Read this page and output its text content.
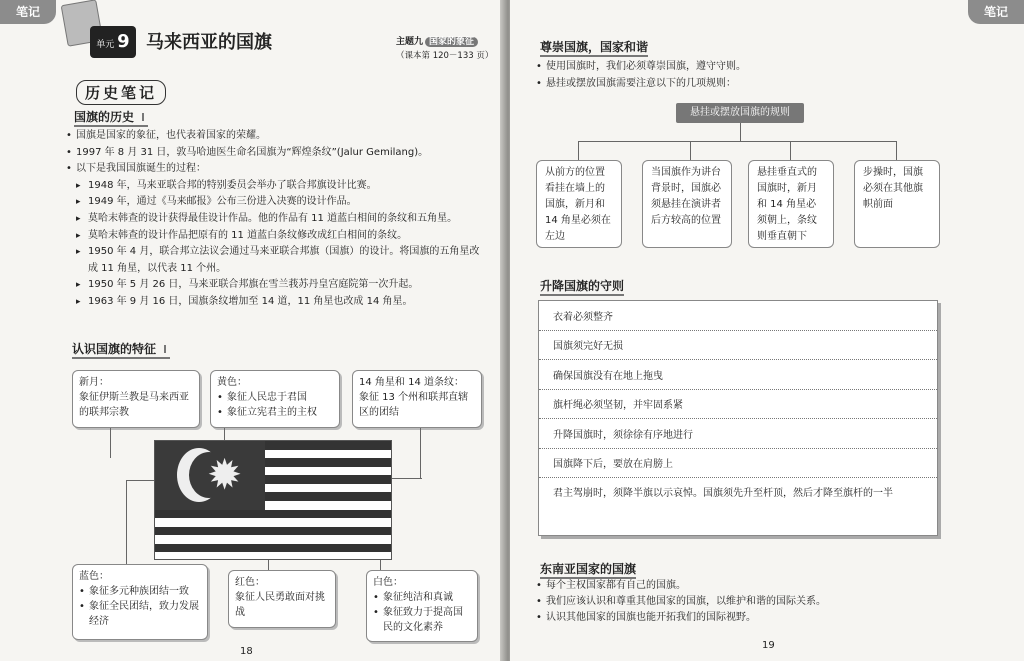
笔记
单元 9 马来西亚的国旗	主题九 国家的象征
（课本第 120－133 页）
历史笔记
国旗的历史
• 国旗是国家的象征，也代表着国家的荣耀。
• 1997 年 8 月 31 日，敦马哈迪医生命名国旗为“辉煌条纹”(Jalur Gemilang)。
• 以下是我国国旗诞生的过程：
▸ 1948 年，马来亚联合邦的特别委员会举办了联合邦旗设计比赛。
▸ 1949 年，通过《马来邮报》公布三份进入决赛的设计作品。
▸ 莫哈末韩查的设计获得最佳设计作品。他的作品有 11 道蓝白相间的条纹和五角星。
▸ 莫哈末韩查的设计作品把原有的 11 道蓝白条纹修改成红白相间的条纹。
▸ 1950 年 4 月，联合邦立法议会通过马来亚联合邦旗（国旗）的设计。将国旗的五角星改成 11 角星，以代表 11 个州。
▸ 1950 年 5 月 26 日，马来亚联合邦旗在雪兰莪苏丹皇宫庭院第一次升起。
▸ 1963 年 9 月 16 日，国旗条纹增加至 14 道，11 角星也改成 14 角星。
认识国旗的特征
新月：
象征伊斯兰教是马来西亚的联邦宗教
黄色：
• 象征人民忠于君国
• 象征立宪君主的主权
14 角星和 14 道条纹：
象征 13 个州和联邦直辖区的团结
✹
蓝色：
• 象征多元种族团结一致
• 象征全民团结，致力发展经济
红色：
象征人民勇敢面对挑战
白色：
• 象征纯洁和真诚
• 象征致力于提高国民的文化素养
18
笔记
19
尊崇国旗，国家和谐
• 使用国旗时，我们必须尊崇国旗，遵守守则。
• 悬挂或摆放国旗需要注意以下的几项规则：
悬挂或摆放国旗的规则
从前方的位置看挂在墙上的国旗，新月和 14 角星必须在左边
当国旗作为讲台背景时，国旗必须悬挂在演讲者后方较高的位置
悬挂垂直式的国旗时，新月和 14 角星必须朝上，条纹则垂直朝下
步操时，国旗必须在其他旗帜前面
升降国旗的守则
衣着必须整齐
国旗须完好无损
确保国旗没有在地上拖曳
旗杆绳必须坚韧，并牢固系紧
升降国旗时，须徐徐有序地进行
国旗降下后，要放在肩膀上
君主驾崩时，须降半旗以示哀悼。国旗须先升至杆顶，然后才降至旗杆的一半
东南亚国家的国旗
• 每个主权国家都有自己的国旗。
• 我们应该认识和尊重其他国家的国旗，以维护和谐的国际关系。
• 认识其他国家的国旗也能开拓我们的国际视野。
